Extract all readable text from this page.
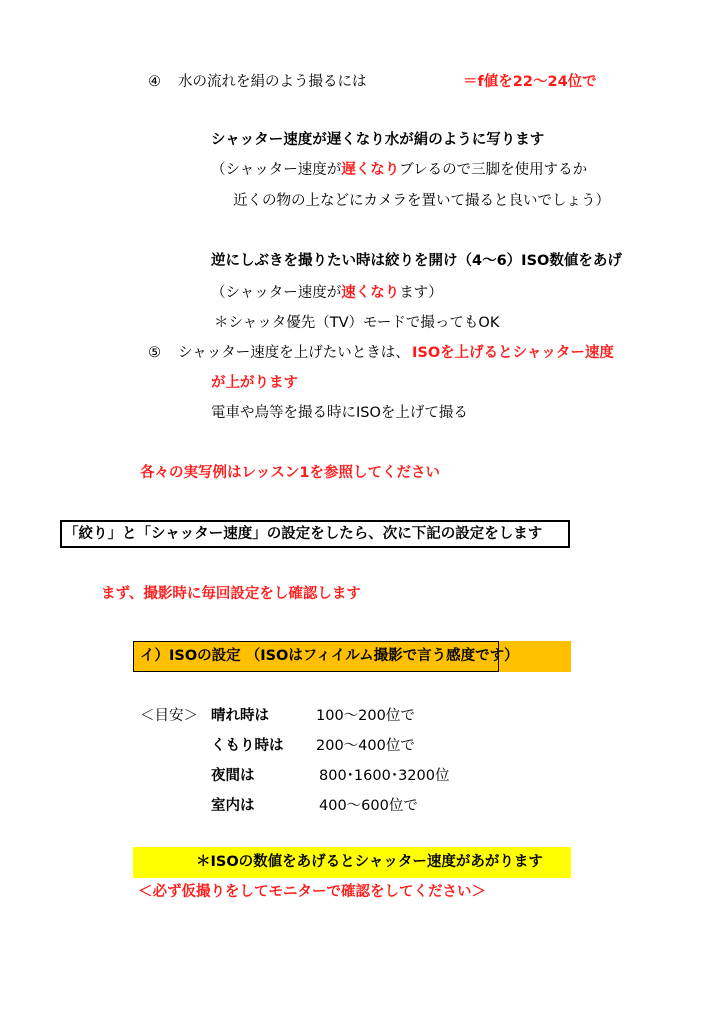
④ 水の流れを絹のよう撮るには	＝f値を22～24位で
シャッター速度が遅くなり水が絹のように写ります
（シャッター速度が遅くなりブレるので三脚を使用するか
近くの物の上などにカメラを置いて撮ると良いでしょう）
逆にしぶきを撮りたい時は絞りを開け（4～6）ISO数値をあげ
（シャッター速度が速くなります）
＊シャッタ優先（TV）モードで撮ってもOK
⑤ シャッター速度を上げたいときは、 ISOを上げるとシャッター速度
が上がります
電車や鳥等を撮る時にISOを上げて撮る
各々の実写例はレッスン1を参照してください
「絞り」と「シャッター速度」の設定をしたら、次に下記の設定をします
まず、撮影時に毎回設定をし確認します
イ）ISOの設定 （ISOはフィイルム撮影で言う感度です）
＜目安＞ 晴れ時は	100～200位で
くもり時は 200～400位で
夜間は	800･1600･3200位
室内は	400～600位で
＊ISOの数値をあげるとシャッター速度があがります
＜必ず仮撮りをしてモニターで確認をしてください＞
